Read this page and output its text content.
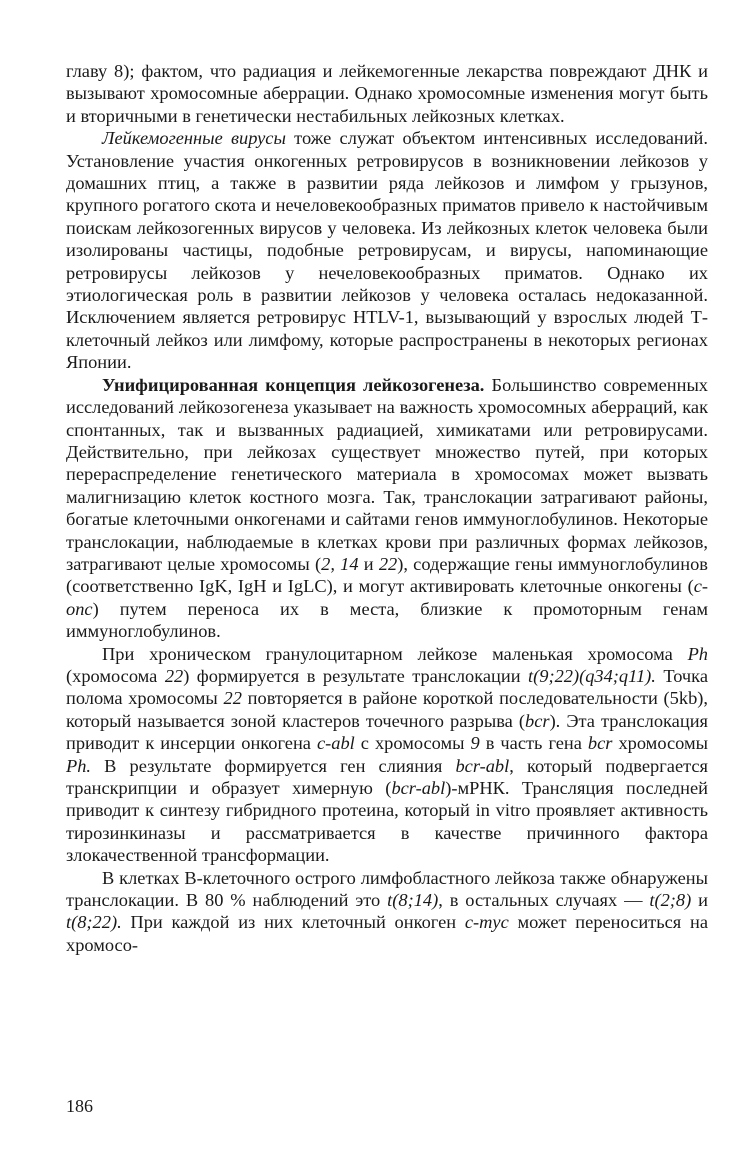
главу 8); фактом, что радиация и лейкемогенные лекарства повреждают ДНК и вызывают хромосомные аберрации. Однако хромосомные изменения могут быть и вторичными в генетически нестабильных лейкозных клетках.

Лейкемогенные вирусы тоже служат объектом интенсивных исследований. Установление участия онкогенных ретровирусов в возникновении лейкозов у домашних птиц, а также в развитии ряда лейкозов и лимфом у грызунов, крупного рогатого скота и нечеловекообразных приматов привело к настойчивым поискам лейкозогенных вирусов у человека. Из лейкозных клеток человека были изолированы частицы, подобные ретровирусам, и вирусы, напоминающие ретровирусы лейкозов у нечеловекообразных приматов. Однако их этиологическая роль в развитии лейкозов у человека осталась недоказанной. Исключением является ретровирус HTLV-1, вызывающий у взрослых людей Т-клеточный лейкоз или лимфому, которые распространены в некоторых регионах Японии.

Унифицированная концепция лейкозогенеза. Большинство современных исследований лейкозогенеза указывает на важность хромосомных аберраций, как спонтанных, так и вызванных радиацией, химикатами или ретровирусами. Действительно, при лейкозах существует множество путей, при которых перераспределение генетического материала в хромосомах может вызвать малигнизацию клеток костного мозга. Так, транслокации затрагивают районы, богатые клеточными онкогенами и сайтами генов иммуноглобулинов. Некоторые транслокации, наблюдаемые в клетках крови при различных формах лейкозов, затрагивают целые хромосомы (2, 14 и 22), содержащие гены иммуноглобулинов (соответственно IgK, IgH и IgLC), и могут активировать клеточные онкогены (c-onc) путем переноса их в места, близкие к промоторным генам иммуноглобулинов.

При хроническом гранулоцитарном лейкозе маленькая хромосома Ph (хромосома 22) формируется в результате транслокации t(9;22)(q34;q11). Точка полома хромосомы 22 повторяется в районе короткой последовательности (5kb), который называется зоной кластеров точечного разрыва (bcr). Эта транслокация приводит к инсерции онкогена c-abl с хромосомы 9 в часть гена bcr хромосомы Ph. В результате формируется ген слияния bcr-abl, который подвергается транскрипции и образует химерную (bcr-abl)-мРНК. Трансляция последней приводит к синтезу гибридного протеина, который in vitro проявляет активность тирозинкиназы и рассматривается в качестве причинного фактора злокачественной трансформации.

В клетках В-клеточного острого лимфобластного лейкоза также обнаружены транслокации. В 80 % наблюдений это t(8;14), в остальных случаях — t(2;8) и t(8;22). При каждой из них клеточный онкоген c-myc может переноситься на хромосо-

186
